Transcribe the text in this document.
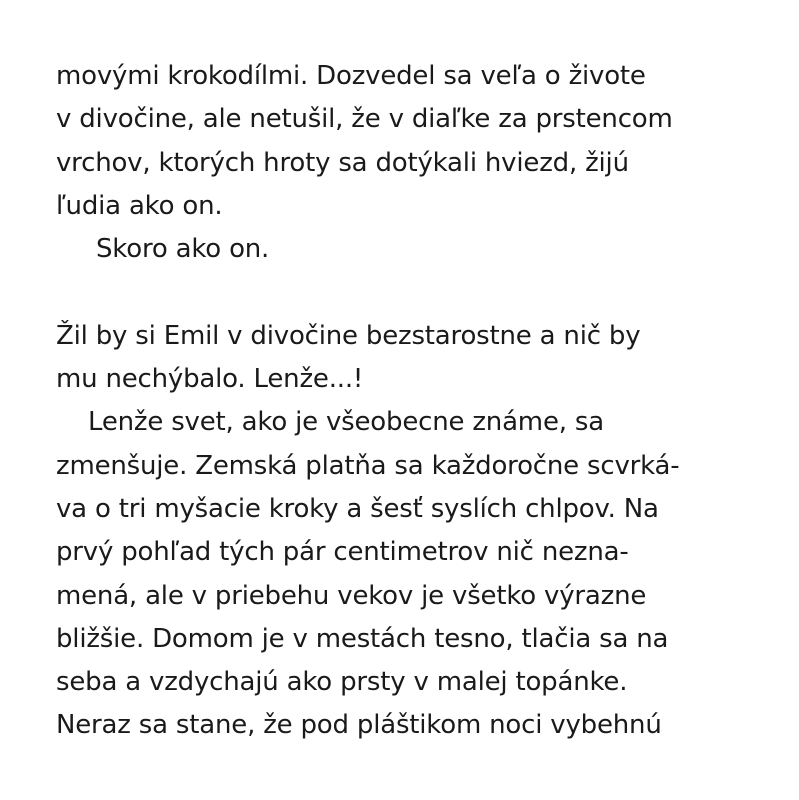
movými krokodílmi. Dozvedel sa veľa o živote
v divočine, ale netušil, že v diaľke za prstencom
vrchov, ktorých hroty sa dotýkali hviezd, žijú
ľudia ako on.
Skoro ako on.
Žil by si Emil v divočine bezstarostne a nič by
mu nechýbalo. Lenže...!
Lenže svet, ako je všeobecne známe, sa
zmenšuje. Zemská platňa sa každoročne scvrká-
va o tri myšacie kroky a šesť syslích chlpov. Na
prvý pohľad tých pár centimetrov nič nezna-
mená, ale v priebehu vekov je všetko výrazne
bližšie. Domom je v mestách tesno, tlačia sa na
seba a vzdychajú ako prsty v malej topánke.
Neraz sa stane, že pod pláštikom noci vybehnú
